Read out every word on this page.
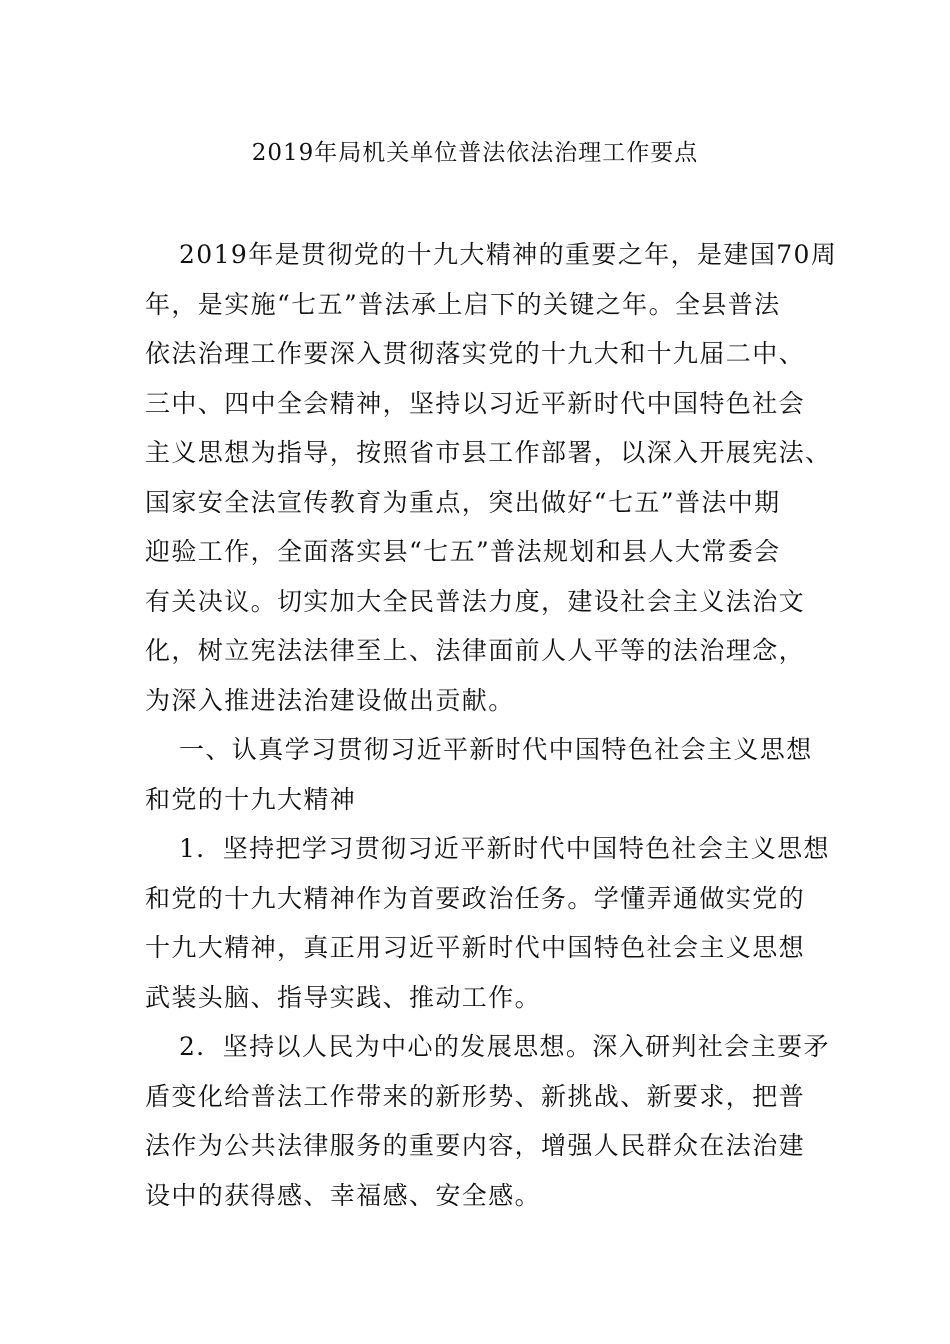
2019年局机关单位普法依法治理工作要点

2019年是贯彻党的十九大精神的重要之年，是建国70周
年，是实施“七五”普法承上启下的关键之年。全县普法
依法治理工作要深入贯彻落实党的十九大和十九届二中、
三中、四中全会精神，坚持以习近平新时代中国特色社会
主义思想为指导，按照省市县工作部署，以深入开展宪法、
国家安全法宣传教育为重点，突出做好“七五”普法中期
迎验工作，全面落实县“七五”普法规划和县人大常委会
有关决议。切实加大全民普法力度，建设社会主义法治文
化，树立宪法法律至上、法律面前人人平等的法治理念，
为深入推进法治建设做出贡献。

一、认真学习贯彻习近平新时代中国特色社会主义思想
和党的十九大精神

1．坚持把学习贯彻习近平新时代中国特色社会主义思想
和党的十九大精神作为首要政治任务。学懂弄通做实党的
十九大精神，真正用习近平新时代中国特色社会主义思想
武装头脑、指导实践、推动工作。

2．坚持以人民为中心的发展思想。深入研判社会主要矛
盾变化给普法工作带来的新形势、新挑战、新要求，把普
法作为公共法律服务的重要内容，增强人民群众在法治建
设中的获得感、幸福感、安全感。
